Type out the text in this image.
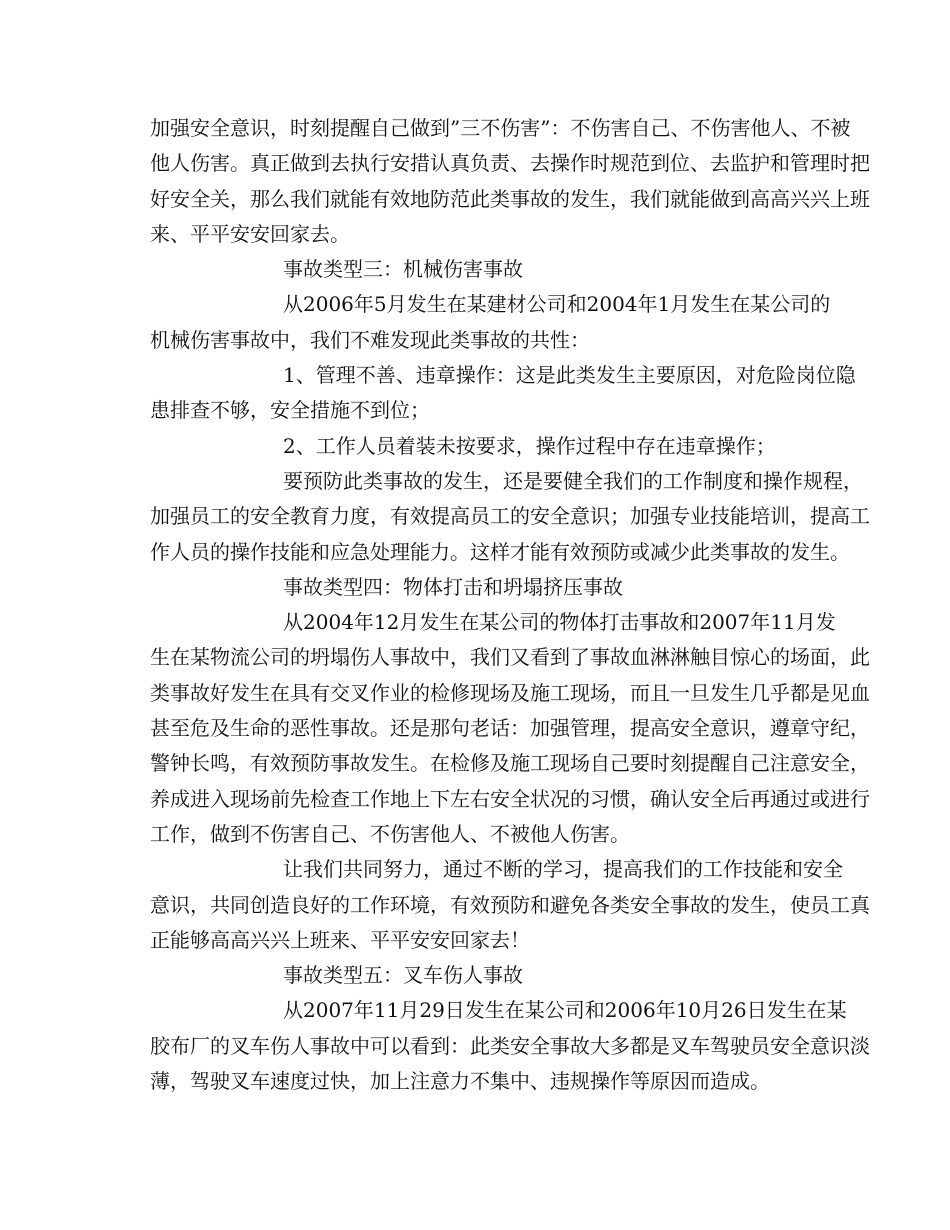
加强安全意识，时刻提醒自己做到”三不伤害”：不伤害自己、不伤害他人、不被
他人伤害。真正做到去执行安措认真负责、去操作时规范到位、去监护和管理时把
好安全关，那么我们就能有效地防范此类事故的发生，我们就能做到高高兴兴上班
来、平平安安回家去。
事故类型三：机械伤害事故
从2006年5月发生在某建材公司和2004年1月发生在某公司的
机械伤害事故中，我们不难发现此类事故的共性：
1、管理不善、违章操作：这是此类发生主要原因，对危险岗位隐
患排查不够，安全措施不到位；
2、工作人员着装未按要求，操作过程中存在违章操作；
要预防此类事故的发生，还是要健全我们的工作制度和操作规程，
加强员工的安全教育力度，有效提高员工的安全意识；加强专业技能培训，提高工
作人员的操作技能和应急处理能力。这样才能有效预防或减少此类事故的发生。
事故类型四：物体打击和坍塌挤压事故
从2004年12月发生在某公司的物体打击事故和2007年11月发
生在某物流公司的坍塌伤人事故中，我们又看到了事故血淋淋触目惊心的场面，此
类事故好发生在具有交叉作业的检修现场及施工现场，而且一旦发生几乎都是见血
甚至危及生命的恶性事故。还是那句老话：加强管理，提高安全意识，遵章守纪，
警钟长鸣，有效预防事故发生。在检修及施工现场自己要时刻提醒自己注意安全，
养成进入现场前先检查工作地上下左右安全状况的习惯，确认安全后再通过或进行
工作，做到不伤害自己、不伤害他人、不被他人伤害。
让我们共同努力，通过不断的学习，提高我们的工作技能和安全
意识，共同创造良好的工作环境，有效预防和避免各类安全事故的发生，使员工真
正能够高高兴兴上班来、平平安安回家去！
事故类型五：叉车伤人事故
从2007年11月29日发生在某公司和2006年10月26日发生在某
胶布厂的叉车伤人事故中可以看到：此类安全事故大多都是叉车驾驶员安全意识淡
薄，驾驶叉车速度过快，加上注意力不集中、违规操作等原因而造成。
